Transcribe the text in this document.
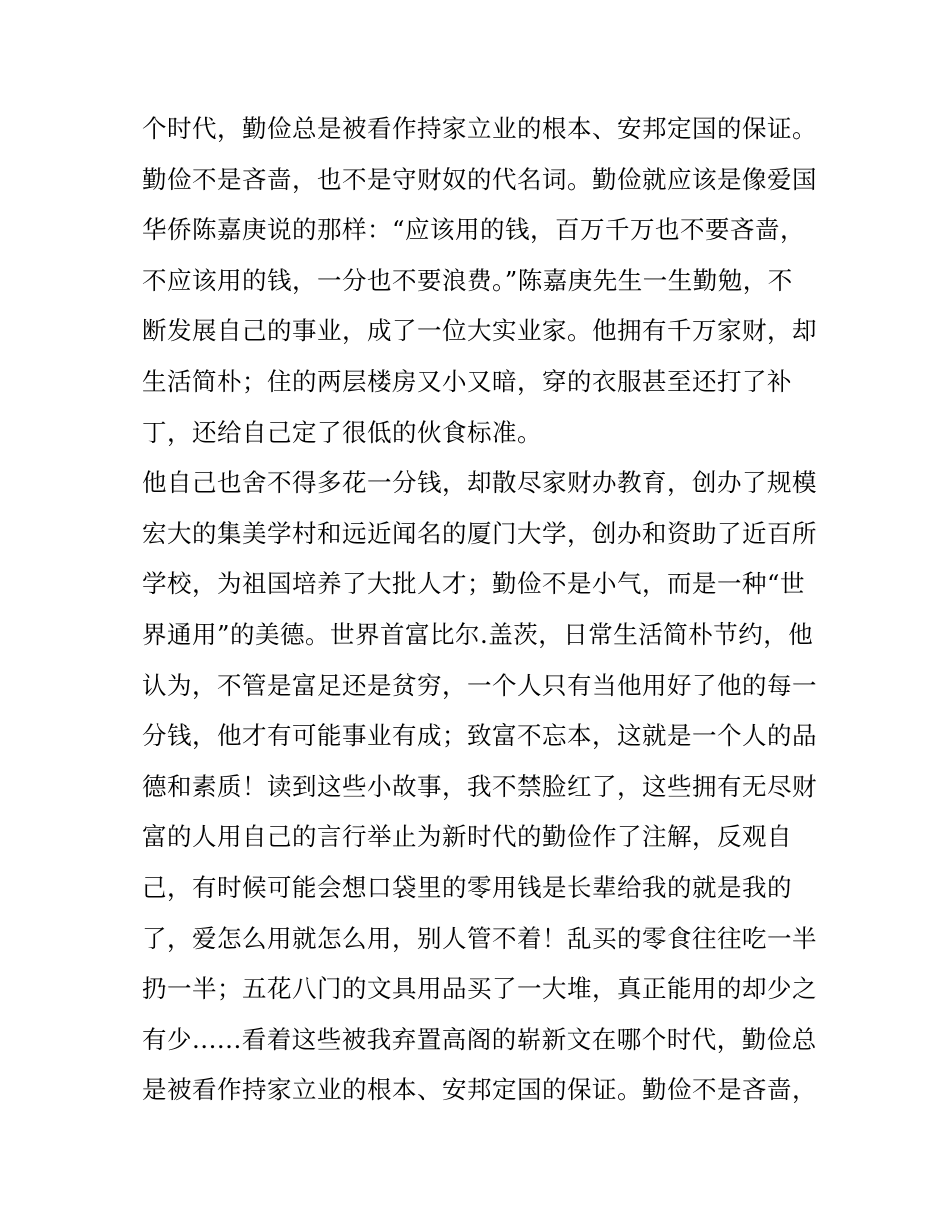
个时代，勤俭总是被看作持家立业的根本、安邦定国的保证。
勤俭不是吝啬，也不是守财奴的代名词。勤俭就应该是像爱国
华侨陈嘉庚说的那样：“应该用的钱，百万千万也不要吝啬，
不应该用的钱，一分也不要浪费。”陈嘉庚先生一生勤勉，不
断发展自己的事业，成了一位大实业家。他拥有千万家财，却
生活简朴；住的两层楼房又小又暗，穿的衣服甚至还打了补
丁，还给自己定了很低的伙食标准。
他自己也舍不得多花一分钱，却散尽家财办教育，创办了规模
宏大的集美学村和远近闻名的厦门大学，创办和资助了近百所
学校，为祖国培养了大批人才；勤俭不是小气，而是一种“世
界通用”的美德。世界首富比尔.盖茨，日常生活简朴节约，他
认为，不管是富足还是贫穷，一个人只有当他用好了他的每一
分钱，他才有可能事业有成；致富不忘本，这就是一个人的品
德和素质！读到这些小故事，我不禁脸红了，这些拥有无尽财
富的人用自己的言行举止为新时代的勤俭作了注解，反观自
己，有时候可能会想口袋里的零用钱是长辈给我的就是我的
了，爱怎么用就怎么用，别人管不着！乱买的零食往往吃一半
扔一半；五花八门的文具用品买了一大堆，真正能用的却少之
有少......看着这些被我弃置高阁的崭新文在哪个时代，勤俭总
是被看作持家立业的根本、安邦定国的保证。勤俭不是吝啬，
